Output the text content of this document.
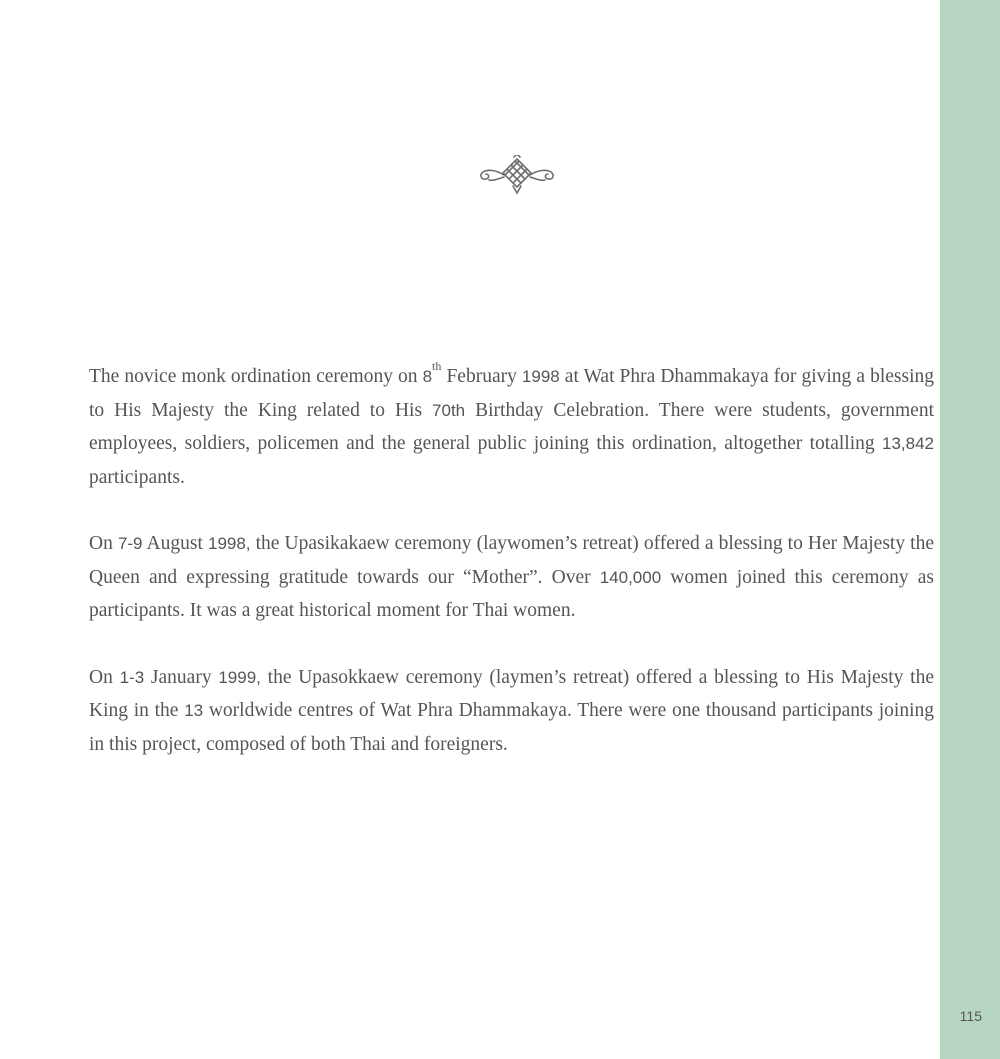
The novice monk ordination ceremony on 8th February 1998 at Wat Phra Dhammakaya for giving a blessing to His Majesty the King related to His 70th Birthday Celebration. There were students, government employees, soldiers, policemen and the general public joining this ordination, altogether totalling 13,842 participants.

On 7-9 August 1998, the Upasikakaew ceremony (laywomen’s retreat) offered a blessing to Her Majesty the Queen and expressing gratitude towards our “Mother”. Over 140,000 women joined this ceremony as participants. It was a great historical moment for Thai women.

On 1-3 January 1999, the Upasokkaew ceremony (laymen’s retreat) offered a blessing to His Majesty the King in the 13 worldwide centres of Wat Phra Dhammakaya. There were one thousand participants joining in this project, composed of both Thai and foreigners.

115
